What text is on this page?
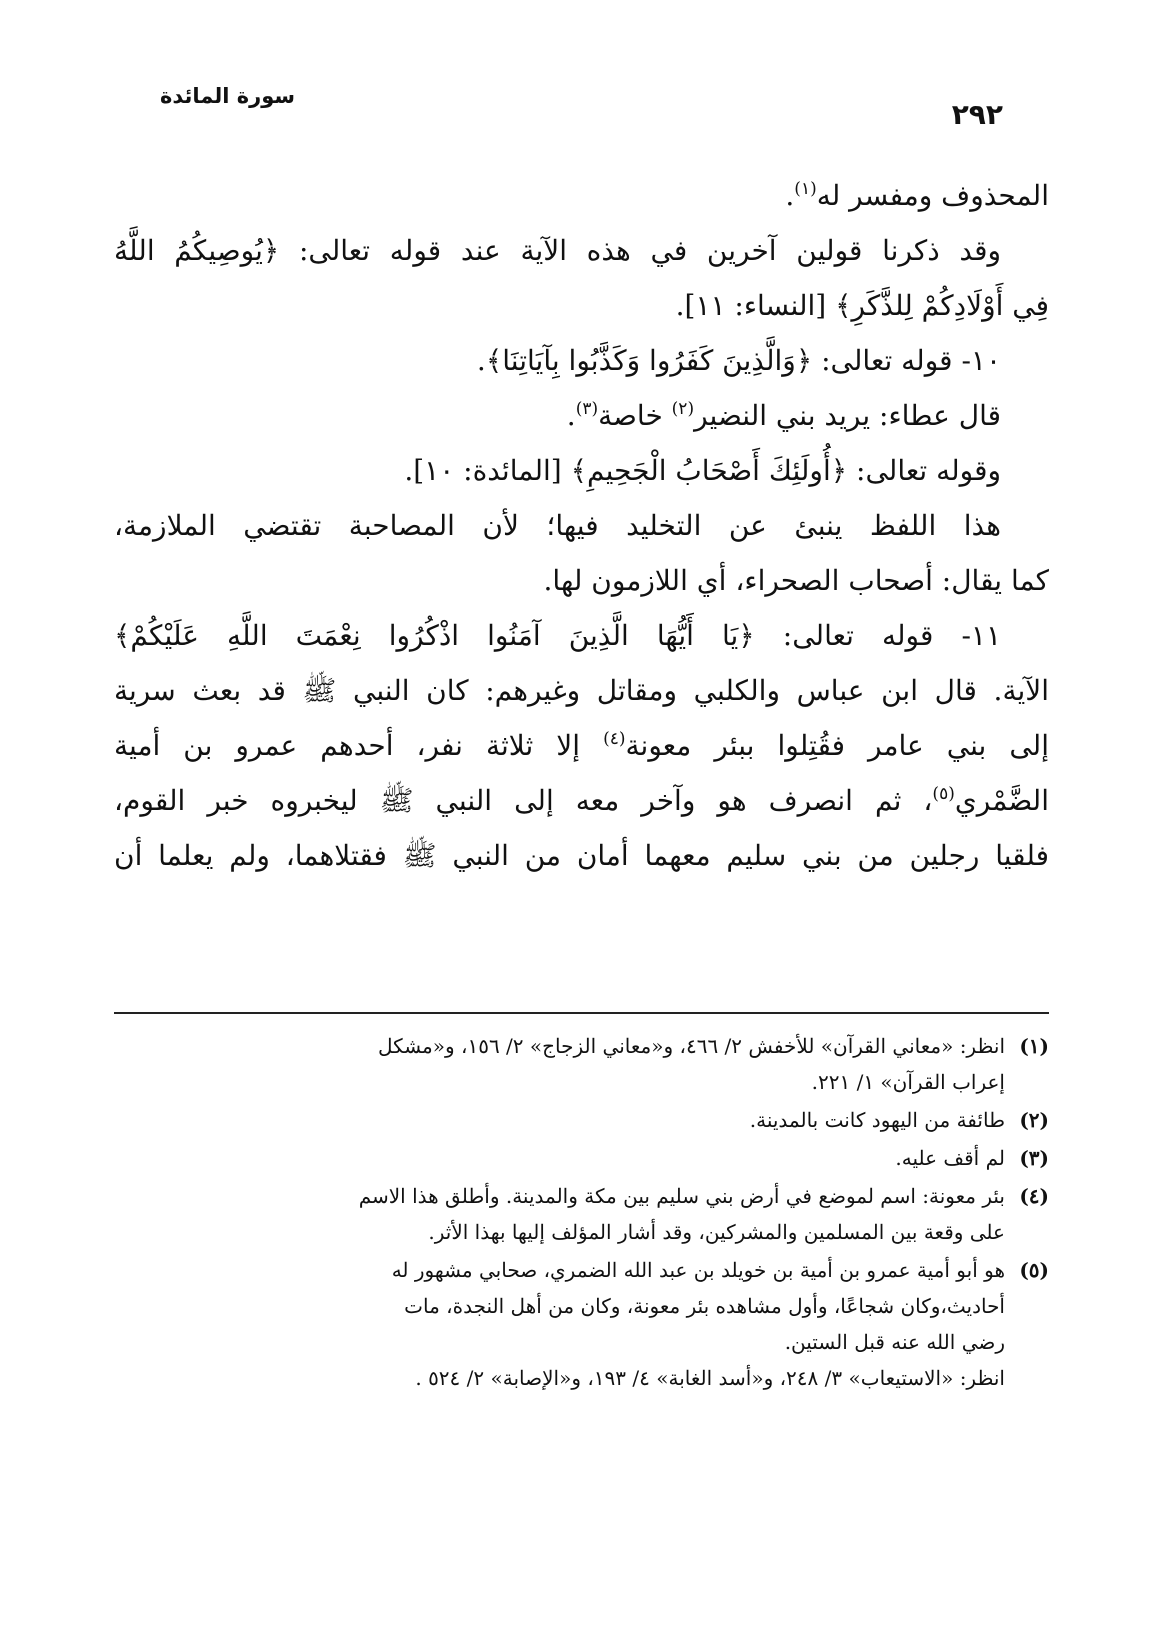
٢٩٢
سورة المائدة
المحذوف ومفسر له$^{(١)}$.
وقد ذكرنا قولين آخرين في هذه الآية عند قوله تعالى: ﴿يُوصِيكُمُ اللَّهُ
فِي أَوْلَادِكُمْ لِلذَّكَرِ﴾ [النساء: ١١].
١٠- قوله تعالى: ﴿وَالَّذِينَ كَفَرُوا وَكَذَّبُوا بِآيَاتِنَا﴾.
قال عطاء: يريد بني النضير$^{(٢)}$ خاصة$^{(٣)}$.
وقوله تعالى: ﴿أُولَئِكَ أَصْحَابُ الْجَحِيمِ﴾ [المائدة: ١٠].
هذا اللفظ ينبئ عن التخليد فيها؛ لأن المصاحبة تقتضي الملازمة،
كما يقال: أصحاب الصحراء، أي اللازمون لها.
١١- قوله تعالى: ﴿يَا أَيُّهَا الَّذِينَ آمَنُوا اذْكُرُوا نِعْمَتَ اللَّهِ عَلَيْكُمْ﴾
الآية. قال ابن عباس والكلبي ومقاتل وغيرهم: كان النبي ﷺ قد بعث سرية
إلى بني عامر فقُتِلوا ببئر معونة$^{(٤)}$ إلا ثلاثة نفر، أحدهم عمرو بن أمية
الضَّمْري$^{(٥)}$، ثم انصرف هو وآخر معه إلى النبي ﷺ ليخبروه خبر القوم،
فلقيا رجلين من بني سليم معهما أمان من النبي ﷺ فقتلاهما، ولم يعلما أن
(١)
انظر: «معاني القرآن» للأخفش ٢/ ٤٦٦، و«معاني الزجاج» ٢/ ١٥٦، و«مشكل
إعراب القرآن» ١/ ٢٢١.
(٢)
طائفة من اليهود كانت بالمدينة.
(٣)
لم أقف عليه.
(٤)
بئر معونة: اسم لموضع في أرض بني سليم بين مكة والمدينة. وأطلق هذا الاسم
على وقعة بين المسلمين والمشركين، وقد أشار المؤلف إليها بهذا الأثر.
(٥)
هو أبو أمية عمرو بن أمية بن خويلد بن عبد الله الضمري، صحابي مشهور له
أحاديث،وكان شجاعًا، وأول مشاهده بئر معونة، وكان من أهل النجدة، مات
رضي الله عنه قبل الستين.
انظر: «الاستيعاب» ٣/ ٢٤٨، و«أسد الغابة» ٤/ ١٩٣، و«الإصابة» ٢/ ٥٢٤ .
